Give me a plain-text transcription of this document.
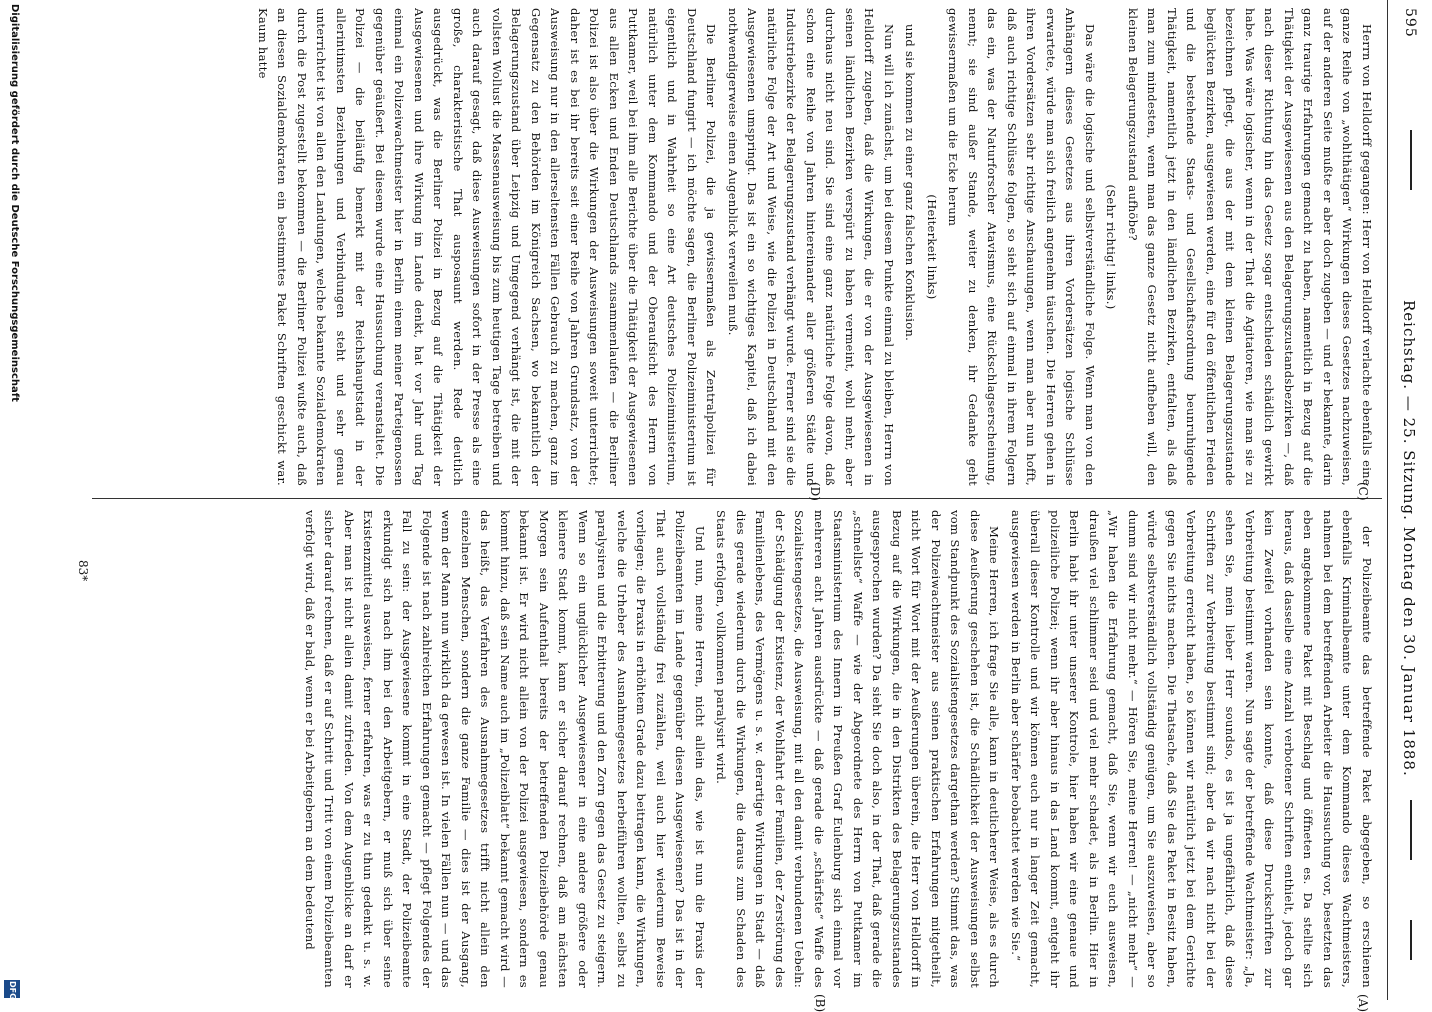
595
Reichstag. — 25. Sitzung. Montag den 30. Januar 1888.

Herrn von Helldorff gegangen: Herr von Helldorff verlachte ebenfalls eine ganze Reihe von „wohlthätigen“ Wirkungen dieses Gesetzes nachzuweisen, auf der anderen Seite mußte er aber doch zugeben — und er bekannte, darin ganz traurige Erfahrungen gemacht zu haben, namentlich in Bezug auf die Thätigkeit der Ausgewiesenen aus den Belagerungszustandsbezirken —, daß nach dieser Richtung hin das Gesetz sogar entschieden schädlich gewirkt habe. Was wäre logischer, wenn in der That die Agitatoren, wie man sie zu bezeichnen pflegt, die aus der mit dem kleinen Belagerungszustande beglückten Bezirken, ausgewiesen werden, eine für den öffentlichen Frieden und die bestehende Staats- und Gesellschaftsordnung beunruhigende Thätigkeit, namentlich jetzt in den ländlichen Bezirken, entfalten, als daß man zum mindesten, wenn man das ganze Gesetz nicht aufheben will, den kleinen Belagerungszustand aufhöbe?

(Sehr richtig! links.)

Das wäre die logische und selbstverständliche Folge. Wenn man von den Anhängern dieses Gesetzes aus ihren Vordersätzen logische Schlüsse erwartete, würde man sich freilich angenehm täuschen. Die Herren gehen in ihren Vordersätzen sehr richtige Anschauungen, wenn man aber nun hofft, daß auch richtige Schlüsse folgen, so sieht sich auf einmal in ihrem Folgern das ein, was der Naturforscher Atavismus, eine Rückschlagserscheinung, nennt; sie sind außer Stande, weiter zu denken, ihr Gedanke geht gewissermaßen um die Ecke herum

(Heiterkeit links)

und sie kommen zu einer ganz falschen Konklusion.

Nun will ich zunächst, um bei diesem Punkte einmal zu bleiben, Herrn von Helldorff zugeben, daß die Wirkungen, die er von der Ausgewiesenen in seinen ländlichen Bezirken verspürt zu haben vermeint, wohl mehr, aber durchaus nicht neu sind. Sie sind eine ganz natürliche Folge davon, daß schon eine Reihe von Jahren hintereinander aller größeren Städte und Industriebezirke der Belagerungszustand verhängt wurde. Ferner sind sie die natürliche Folge der Art und Weise, wie die Polizei in Deutschland mit den Ausgewiesenen umspringt. Das ist ein so wichtiges Kapitel, daß ich dabei nothwendigerweise einen Augenblick verweilen muß.

Die Berliner Polizei, die ja gewissermaßen als Zentralpolizei für Deutschland fungirt — ich möchte sagen, die Berliner Polizeiministerium ist eigentlich und in Wahrheit so eine Art deutsches Polizeiministerium, natürlich unter dem Kommando und der Oberaufsicht des Herrn von Puttkamer, weil bei ihm alle Berichte über die Thätigkeit der Ausgewiesenen aus allen Ecken und Enden Deutschlands zusammenlaufen — die Berliner Polizei ist also über die Wirkungen der Ausweisungen soweit unterrichtet; daher ist es bei ihr bereits seit einer Reihe von Jahren Grundsatz, von der Ausweisung nur in den allerseltensten Fällen Gebrauch zu machen, ganz im Gegensatz zu den Behörden im Königreich Sachsen, wo bekanntlich der Belagerungszustand über Leipzig und Umgegend verhängt ist, die mit der vollsten Wollust die Massenausweisung bis zum heutigen Tage betreiben und auch darauf gesagt, daß diese Ausweisungen sofort in der Presse als eine große, charakteristische That ausposaunt werden. Rede deutlich ausgedrückt, was die Berliner Polizei in Bezug auf die Thätigkeit der Ausgewiesenen und ihre Wirkung im Lande denkt, hat vor Jahr und Tag einmal ein Polizeiwachtmeister hier in Berlin einem meiner Parteigenossen gegenüber geäußert. Bei diesem wurde eine Haussuchung veranstaltet. Die Polizei — die beiläufig bemerkt mit der Reichshauptstadt in der allerintimsten Beziehungen und Verbindungen steht und sehr genau unterrichtet ist von allen den Landungen, welche bekannte Sozialdemokraten durch die Post zugestellt bekommen — die Berliner Polizei wußte auch, daß an diesen Sozialdemokraten ein bestimmtes Paket Schriften geschickt war. Kaum hatte

der Polizeibeamte das betreffende Paket abgegeben, so erschienen ebenfalls Kriminalbeamte unter dem Kommando dieses Wachtmeisters, nahmen bei dem betreffenden Arbeiter die Haussuchung vor, besetzten das eben angekommene Paket mit Beschlag und öffneten es. Da stellte sich heraus, daß dasselbe eine Anzahl verbotener Schriften enthielt, jedoch gar kein Zweifel vorhanden sein konnte, daß diese Druckschriften zur Verbreitung bestimmt waren. Nun sagte der betreffende Wachtmeister: „Ja, sehen Sie, mein lieber Herr soundso, es ist ja ungefährlich, daß diese Schriften zur Verbreitung bestimmt sind; aber da wir nach nicht bei der Verbreitung erreicht haben, so können wir natürlich jetzt bei dem Gerichte gegen Sie nichts machen. Die Thatsache, daß Sie das Paket in Besitz haben, würde selbstverständlich vollständig genügen, um Sie auszuweisen, aber so dumm sind wir nicht mehr.“ — Hören Sie, meine Herren! — „nicht mehr“ — „Wir haben die Erfahrung gemacht, daß Sie, wenn wir euch ausweisen, draußen viel schlimmer seid und viel mehr schadet, als in Berlin. Hier in Berlin habt ihr unter unserer Kontrole, hier haben wir eine genaue und polizeiliche Polizei; wenn ihr aber hinaus in das Land kommt, entgeht ihr überall dieser Kontrolle und wir können euch nur in langer Zeit gemacht, ausgewiesen werden in Berlin aber schärfer beobachtet werden wie Sie.“

Meine Herren, ich frage Sie alle, kann in deutlicherer Weise, als es durch diese Aeußerung geschehen ist, die Schädlichkeit der Ausweisungen selbst vom Standpunkt des Sozialistengesetzes dargethan werden? Stimmt das, was der Polizeiwachtmeister aus seinen praktischen Erfahrungen mitgetheilt, nicht Wort für Wort mit der Aeußerungen überein, die Herr von Helldorff in Bezug auf die Wirkungen, die in den Distrikten des Belagerungszustandes ausgesprochen wurden? Da sieht Sie doch also, in der That, daß gerade die „schnellste“ Waffe — wie der Abgeordnete des Herrn von Puttkamer im Staatsministerium des Innern in Preußen Graf Eulenburg sich einmal vor mehreren acht Jahren ausdrückte — daß gerade die „schärfste“ Waffe des Sozialistengesetzes, die Ausweisung, mit all den damit verbundenen Uebeln: der Schädigung der Existenz, der Wohlfahrt der Familien, der Zerstörung des Familienlebens, des Vermögens u. s. w. derartige Wirkungen in Stadt — daß dies gerade wiederum durch die Wirkungen, die daraus zum Schaden des Staats erfolgen, vollkommen paralysirt wird.

Und nun, meine Herren, nicht allein das, wie ist nun die Praxis der Polizeibeamten im Lande gegenüber diesen Ausgewiesenen? Das ist in der That auch vollständig frei zuzählen, weil auch hier wiederum Beweise vorliegen; die Praxis in erhöhtem Grade dazu beitragen kann, die Wirkungen, welche die Urheber des Ausnahmegesetzes herbeiführen wollten, selbst zu paralysiren und die Erbitterung und den Zorn gegen das Gesetz zu steigern. Wenn so ein unglücklicher Ausgewiesener in eine andere größere oder kleinere Stadt kommt, kann er sicher darauf rechnen, daß am nächsten Morgen sein Aufenthalt bereits der betreffenden Polizeibehörde genau bekannt ist. Er wird nicht allein von der Polizei ausgewiesen, sondern es kommt hinzu, daß sein Name auch im „Polizeiblatt“ bekannt gemacht wird — das heißt, das Verfahren des Ausnahmegesetzes trifft nicht allein den einzelnen Menschen, sondern die ganze Familie — dies ist der Ausgang, wenn der Mann nun wirklich da gewesen ist. In vielen Fällen nun — und das Folgende ist nach zahlreichen Erfahrungen gemacht — pflegt Folgendes der Fall zu sein: der Ausgewiesene kommt in eine Stadt, der Polizeibeamte erkundigt sich nach ihm bei den Arbeitgebern, er muß sich über seine Existenzmittel ausweisen, ferner erfahren, was er zu thun gedenkt u. s. w. Aber man ist nicht allein damit zufrieden. Von dem Augenblicke an darf er sicher darauf rechnen, daß er auf Schritt und Tritt von einem Polizeibeamten verfolgt wird, daß er bald, wenn er bei Arbeitgebern an dem bedeutend

(C)
(D)
(A)
(B)
83*
Digitalisierung gefördert durch die Deutsche Forschungsgemeinschaft
DFG
